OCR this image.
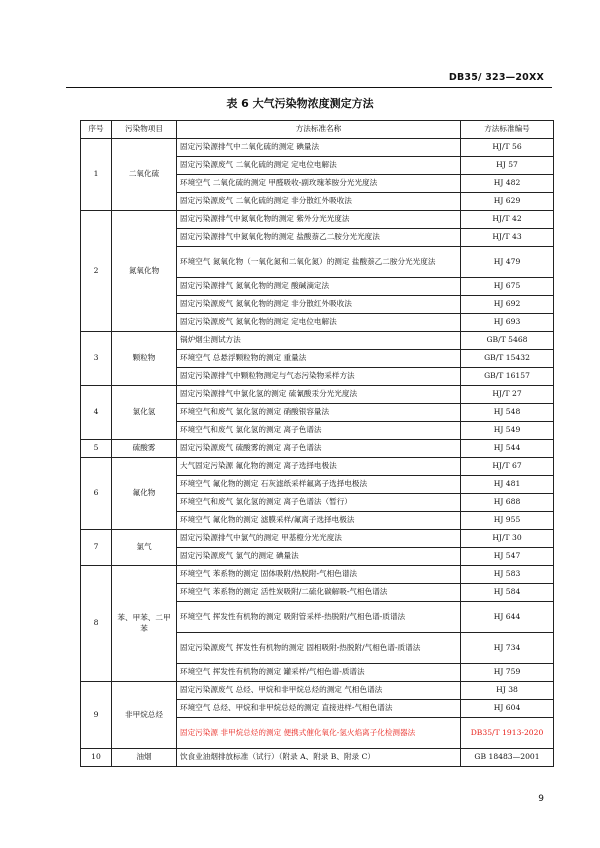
DB35/ 323—20XX
表 6 大气污染物浓度测定方法
序号	污染物项目	方法标准名称	方法标准编号
1	二氧化硫	固定污染源排气中二氧化硫的测定 碘量法	HJ/T 56
		固定污染源废气 二氧化硫的测定 定电位电解法	HJ 57
		环境空气 二氧化硫的测定 甲醛吸收-副玫瑰苯胺分光光度法	HJ 482
		固定污染源废气 二氧化硫的测定 非分散红外吸收法	HJ 629
2	氮氧化物	固定污染源排气中氮氧化物的测定 紫外分光光度法	HJ/T 42
		固定污染源排气中氮氧化物的测定 盐酸萘乙二胺分光光度法	HJ/T 43
		环境空气 氮氧化物（一氧化氮和二氧化氮）的测定 盐酸萘乙二胺分光光度法	HJ 479
		固定污染源排气 氮氧化物的测定 酸碱滴定法	HJ 675
		固定污染源废气 氮氧化物的测定 非分散红外吸收法	HJ 692
		固定污染源废气 氮氧化物的测定 定电位电解法	HJ 693
3	颗粒物	锅炉烟尘测试方法	GB/T 5468
		环境空气 总悬浮颗粒物的测定 重量法	GB/T 15432
		固定污染源排气中颗粒物测定与气态污染物采样方法	GB/T 16157
4	氯化氢	固定污染源排气中氯化氢的测定 硫氰酸汞分光光度法	HJ/T 27
		环境空气和废气 氯化氢的测定 硝酸银容量法	HJ 548
		环境空气和废气 氯化氢的测定 离子色谱法	HJ 549
5	硫酸雾	固定污染源废气 硫酸雾的测定 离子色谱法	HJ 544
6	氟化物	大气固定污染源 氟化物的测定 离子选择电极法	HJ/T 67
		环境空气 氟化物的测定 石灰滤纸采样氟离子选择电极法	HJ 481
		环境空气和废气 氯化氢的测定 离子色谱法（暂行）	HJ 688
		环境空气 氟化物的测定 滤膜采样/氟离子选择电极法	HJ 955
7	氯气	固定污染源排气中氯气的测定 甲基橙分光光度法	HJ/T 30
		固定污染源废气 氯气的测定 碘量法	HJ 547
8	苯、甲苯、二甲苯	环境空气 苯系物的测定 固体吸附/热脱附-气相色谱法	HJ 583
		环境空气 苯系物的测定 活性炭吸附/二硫化碳解吸-气相色谱法	HJ 584
		环境空气 挥发性有机物的测定 吸附管采样-热脱附/气相色谱-质谱法	HJ 644
		固定污染源废气 挥发性有机物的测定 固相吸附-热脱附/气相色谱-质谱法	HJ 734
		环境空气 挥发性有机物的测定 罐采样/气相色谱-质谱法	HJ 759
9	非甲烷总烃	固定污染源废气 总烃、甲烷和非甲烷总烃的测定 气相色谱法	HJ 38
		环境空气 总烃、甲烷和非甲烷总烃的测定 直接进样-气相色谱法	HJ 604
		固定污染源 非甲烷总烃的测定 便携式催化氧化-氢火焰离子化检测器法	DB35/T 1913-2020
10	油烟	饮食业油烟排放标准（试行）（附录 A、附录 B、附录 C）	GB 18483—2001
9
